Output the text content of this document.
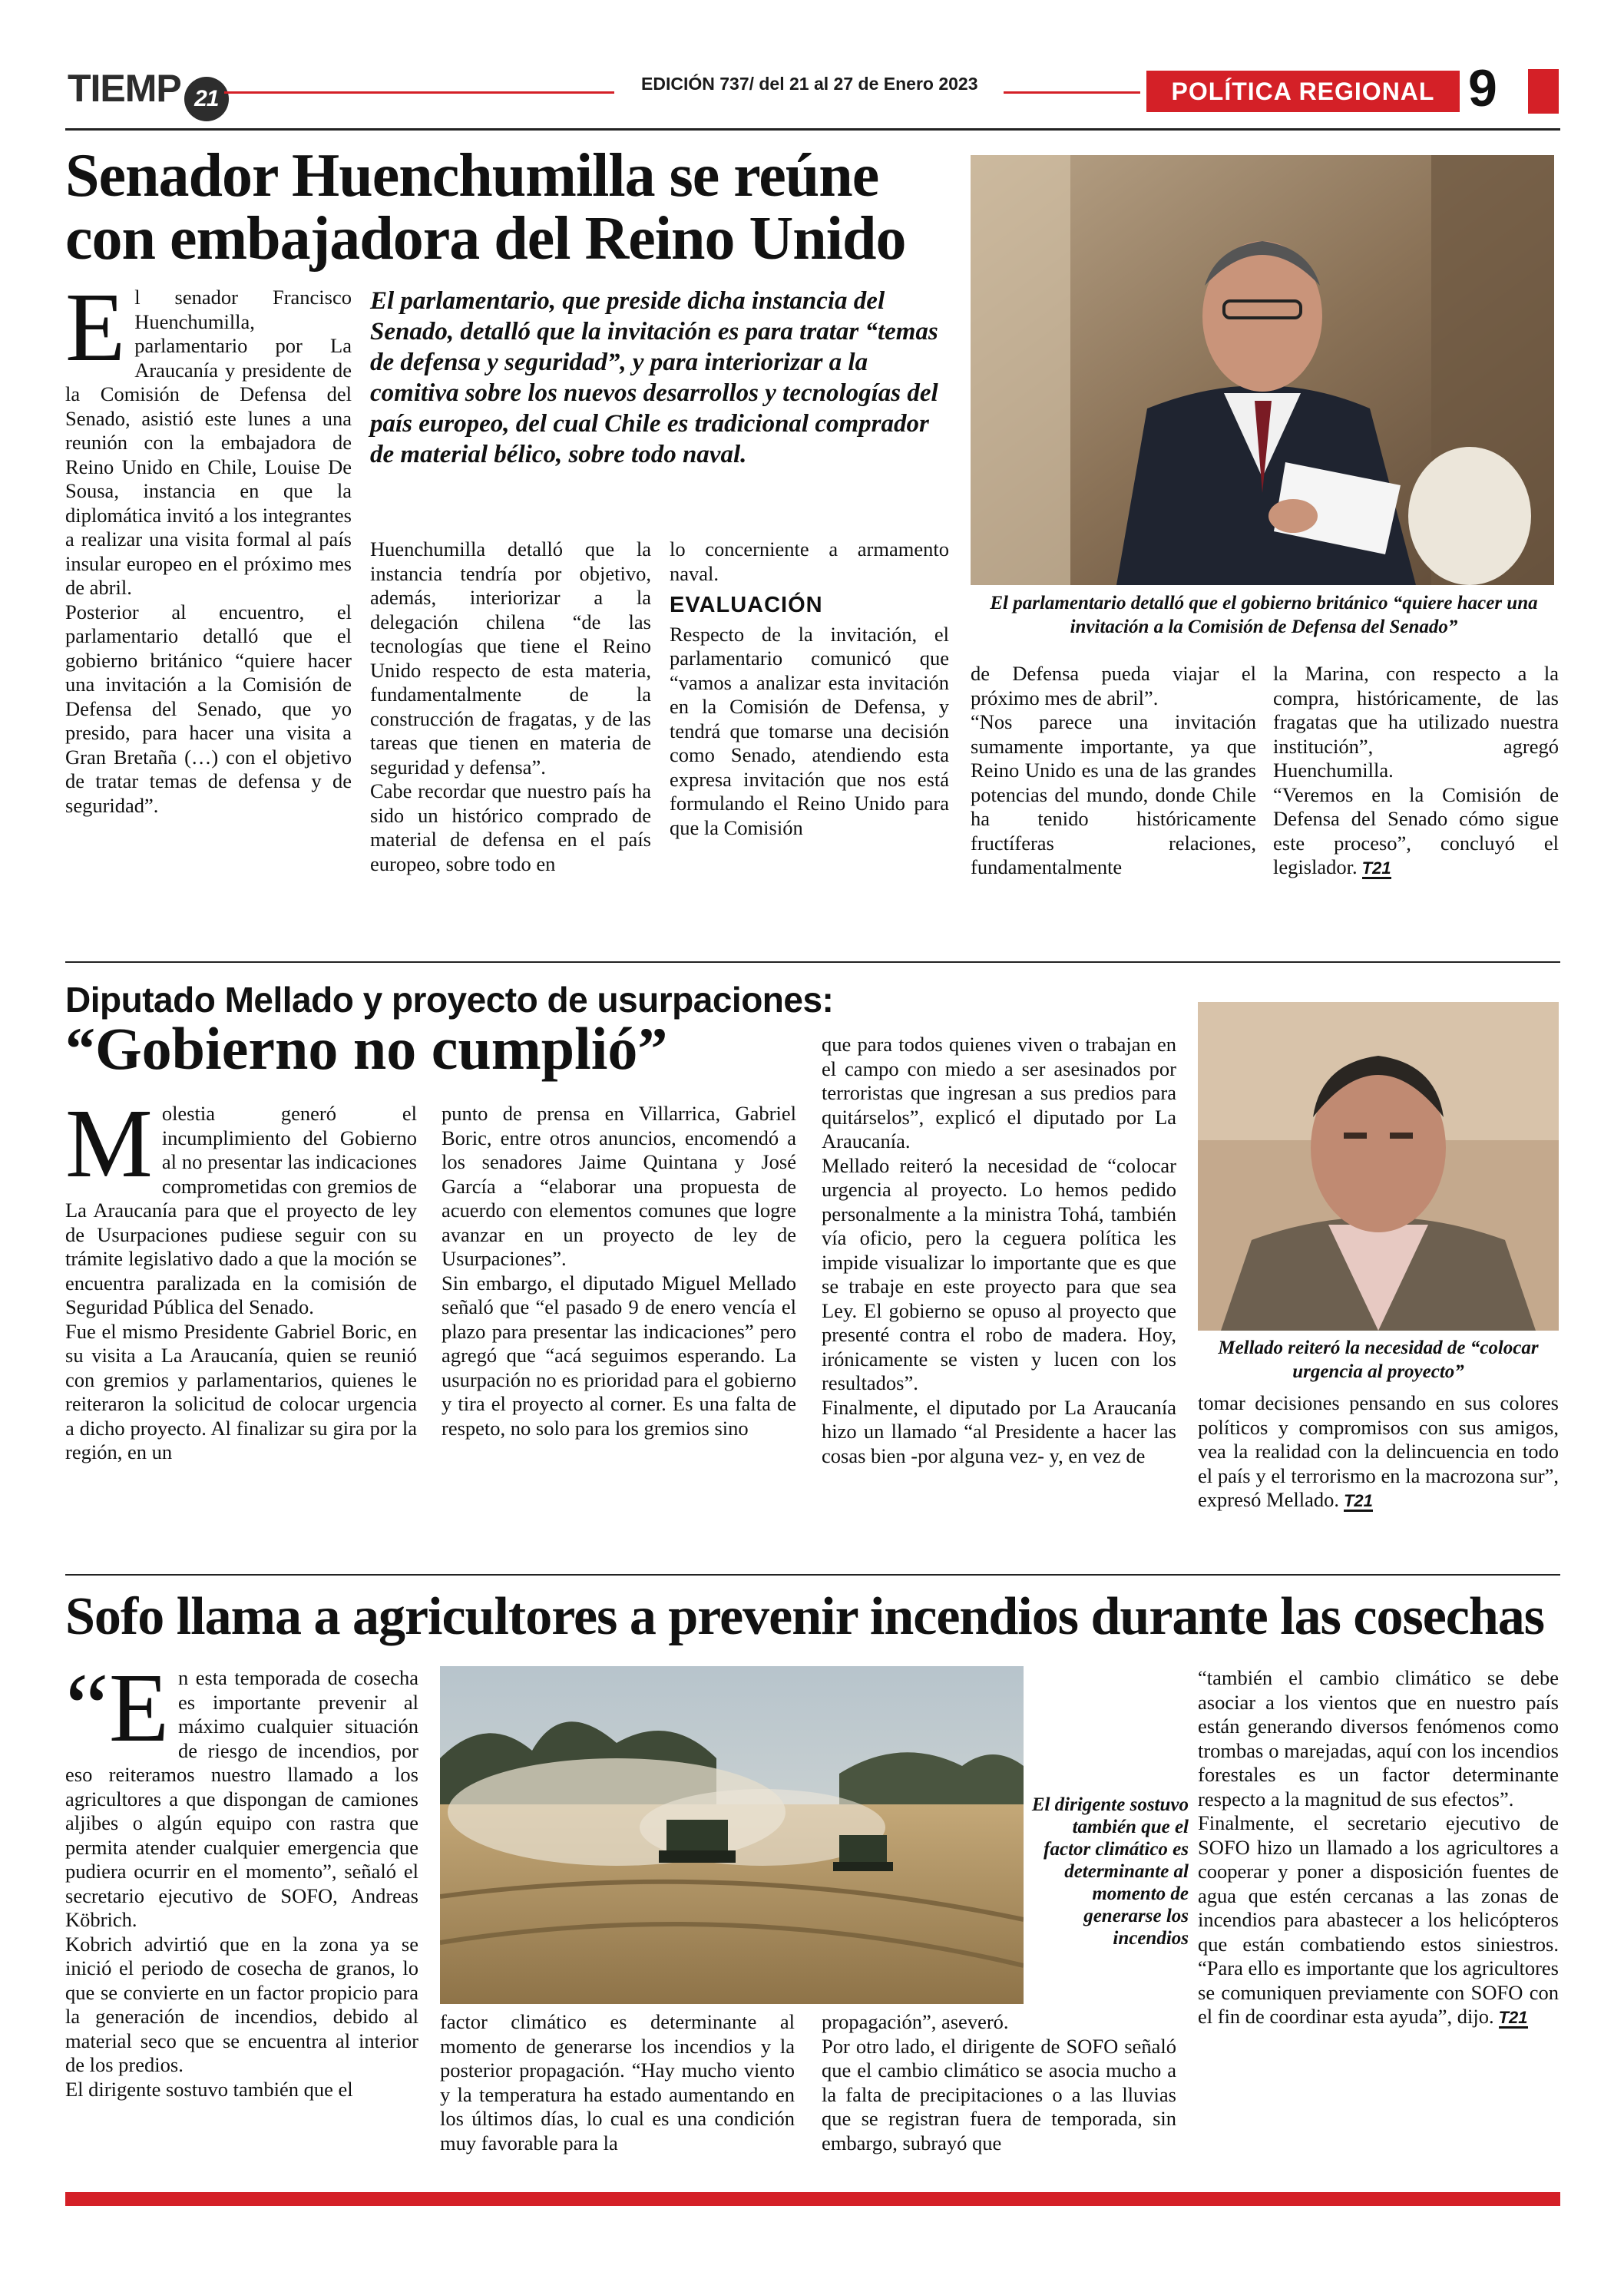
TIEMP 21
EDICIÓN 737/ del 21 al 27 de Enero 2023	POLÍTICA REGIONAL 9
Senador Huenchumilla se reúne
con embajadora del Reino Unido
El parlamentario, que preside dicha instancia del Senado, detalló que la invitación es para tratar “temas de defensa y seguridad”, y para interiorizar a la comitiva sobre los nuevos desarrollos y tecnologías del país europeo, del cual Chile es tradicional comprador de material bélico, sobre todo naval.

El senador Francisco Huenchumilla, parlamentario por La Araucanía y presidente de la Comisión de Defensa del Senado, asistió este lunes a una reunión con la embajadora de Reino Unido en Chile, Louise De Sousa, instancia en que la diplomática invitó a los integrantes a realizar una visita formal al país insular europeo en el próximo mes de abril.

Posterior al encuentro, el parlamentario detalló que el gobierno británico “quiere hacer una invitación a la Comisión de Defensa del Senado, que yo presido, para hacer una visita a Gran Bretaña (…) con el objetivo de tratar temas de defensa y de seguridad”.

Huenchumilla detalló que la instancia tendría por objetivo, además, interiorizar a la delegación chilena “de las tecnologías que tiene el Reino Unido respecto de esta materia, fundamentalmente de la construcción de fragatas, y de las tareas que tienen en materia de seguridad y defensa”.

Cabe recordar que nuestro país ha sido un histórico comprado de material de defensa en el país europeo, sobre todo en

lo concerniente a armamento naval.

EVALUACIÓN

Respecto de la invitación, el parlamentario comunicó que “vamos a analizar esta invitación en la Comisión de Defensa, y tendrá que tomarse una decisión como Senado, atendiendo esta expresa invitación que nos está formulando el Reino Unido para que la Comisión

El parlamentario detalló que el gobierno británico “quiere hacer una invitación a la Comisión de Defensa del Senado”

de Defensa pueda viajar el próximo mes de abril”.

“Nos parece una invitación sumamente importante, ya que Reino Unido es una de las grandes potencias del mundo, donde Chile ha tenido históricamente fructíferas relaciones, fundamentalmente

la Marina, con respecto a la compra, históricamente, de las fragatas que ha utilizado nuestra institución”, agregó Huenchumilla.

“Veremos en la Comisión de Defensa del Senado cómo sigue este proceso”, concluyó el legislador. T21

Diputado Mellado y proyecto de usurpaciones:
“Gobierno no cumplió”

Molestia generó el incumplimiento del Gobierno al no presentar las indicaciones comprometidas con gremios de La Araucanía para que el proyecto de ley de Usurpaciones pudiese seguir con su trámite legislativo dado a que la moción se encuentra paralizada en la comisión de Seguridad Pública del Senado.

Fue el mismo Presidente Gabriel Boric, en su visita a La Araucanía, quien se reunió con gremios y parlamentarios, quienes le reiteraron la solicitud de colocar urgencia a dicho proyecto. Al finalizar su gira por la región, en un

punto de prensa en Villarrica, Gabriel Boric, entre otros anuncios, encomendó a los senadores Jaime Quintana y José García a “elaborar una propuesta de acuerdo con elementos comunes que logre avanzar en un proyecto de ley de Usurpaciones”.

Sin embargo, el diputado Miguel Mellado señaló que “el pasado 9 de enero vencía el plazo para presentar las indicaciones” pero agregó que “acá seguimos esperando. La usurpación no es prioridad para el gobierno y tira el proyecto al corner. Es una falta de respeto, no solo para los gremios sino

que para todos quienes viven o trabajan en el campo con miedo a ser asesinados por terroristas que ingresan a sus predios para quitárselos”, explicó el diputado por La Araucanía.

Mellado reiteró la necesidad de “colocar urgencia al proyecto. Lo hemos pedido personalmente a la ministra Tohá, también vía oficio, pero la ceguera política les impide visualizar lo importante que es que se trabaje en este proyecto para que sea Ley. El gobierno se opuso al proyecto que presenté contra el robo de madera. Hoy, irónicamente se visten y lucen con los resultados”.

Finalmente, el diputado por La Araucanía hizo un llamado “al Presidente a hacer las cosas bien -por alguna vez- y, en vez de

Mellado reiteró la necesidad de “colocar urgencia al proyecto”

tomar decisiones pensando en sus colores políticos y compromisos con sus amigos, vea la realidad con la delincuencia en todo el país y el terrorismo en la macrozona sur”, expresó Mellado. T21

Sofo llama a agricultores a prevenir incendios durante las cosechas

“En esta temporada de cosecha es importante prevenir al máximo cualquier situación de riesgo de incendios, por eso reiteramos nuestro llamado a los agricultores a que dispongan de camiones aljibes o algún equipo con rastra que permita atender cualquier emergencia que pudiera ocurrir en el momento”, señaló el secretario ejecutivo de SOFO, Andreas Köbrich.

Kobrich advirtió que en la zona ya se inició el periodo de cosecha de granos, lo que se convierte en un factor propicio para la generación de incendios, debido al material seco que se encuentra al interior de los predios.

El dirigente sostuvo también que el

El dirigente sostuvo también que el factor climático es determinante al momento de generarse los incendios

factor climático es determinante al momento de generarse los incendios y la posterior propagación. “Hay mucho viento y la temperatura ha estado aumentando en los últimos días, lo cual es una condición muy favorable para la

propagación”, aseveró.

Por otro lado, el dirigente de SOFO señaló que el cambio climático se asocia mucho a la falta de precipitaciones o a las lluvias que se registran fuera de temporada, sin embargo, subrayó que

“también el cambio climático se debe asociar a los vientos que en nuestro país están generando diversos fenómenos como trombas o marejadas, aquí con los incendios forestales es un factor determinante respecto a la magnitud de sus efectos”.

Finalmente, el secretario ejecutivo de SOFO hizo un llamado a los agricultores a cooperar y poner a disposición fuentes de agua que estén cercanas a las zonas de incendios para abastecer a los helicópteros que están combatiendo estos siniestros. “Para ello es importante que los agricultores se comuniquen previamente con SOFO con el fin de coordinar esta ayuda”, dijo. T21
